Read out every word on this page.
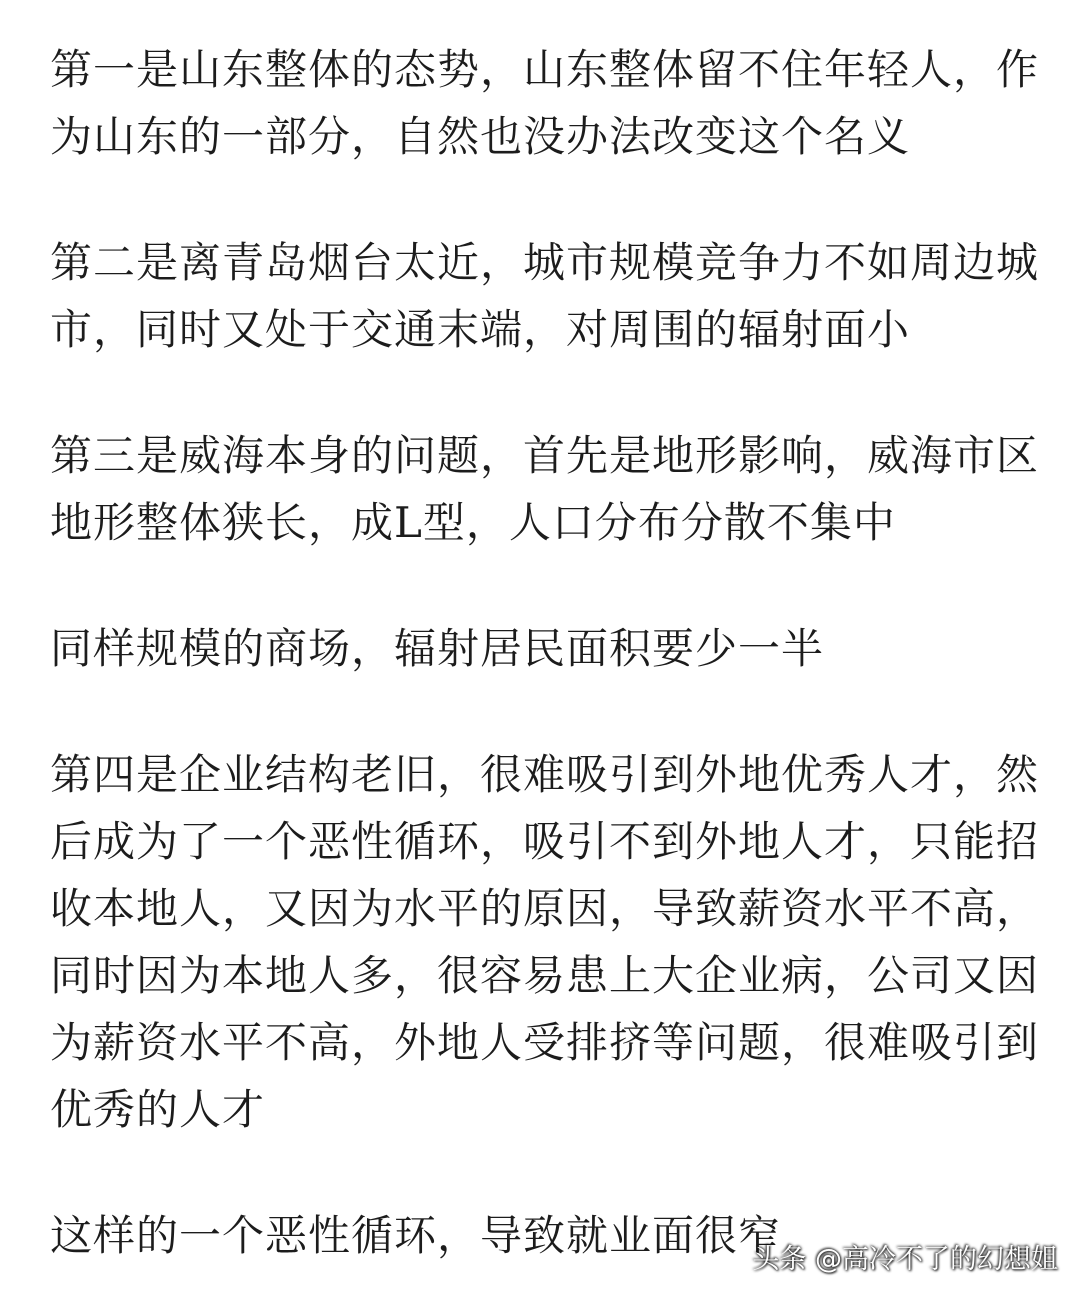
第一是山东整体的态势，山东整体留不住年轻人，作
为山东的一部分，自然也没办法改变这个名义

第二是离青岛烟台太近，城市规模竞争力不如周边城
市，同时又处于交通末端，对周围的辐射面小

第三是威海本身的问题，首先是地形影响，威海市区
地形整体狭长，成L型，人口分布分散不集中

同样规模的商场，辐射居民面积要少一半

第四是企业结构老旧，很难吸引到外地优秀人才，然
后成为了一个恶性循环，吸引不到外地人才，只能招
收本地人，又因为水平的原因，导致薪资水平不高，
同时因为本地人多，很容易患上大企业病，公司又因
为薪资水平不高，外地人受排挤等问题，很难吸引到
优秀的人才

这样的一个恶性循环，导致就业面很窄

头条 @高冷不了的幻想姐
